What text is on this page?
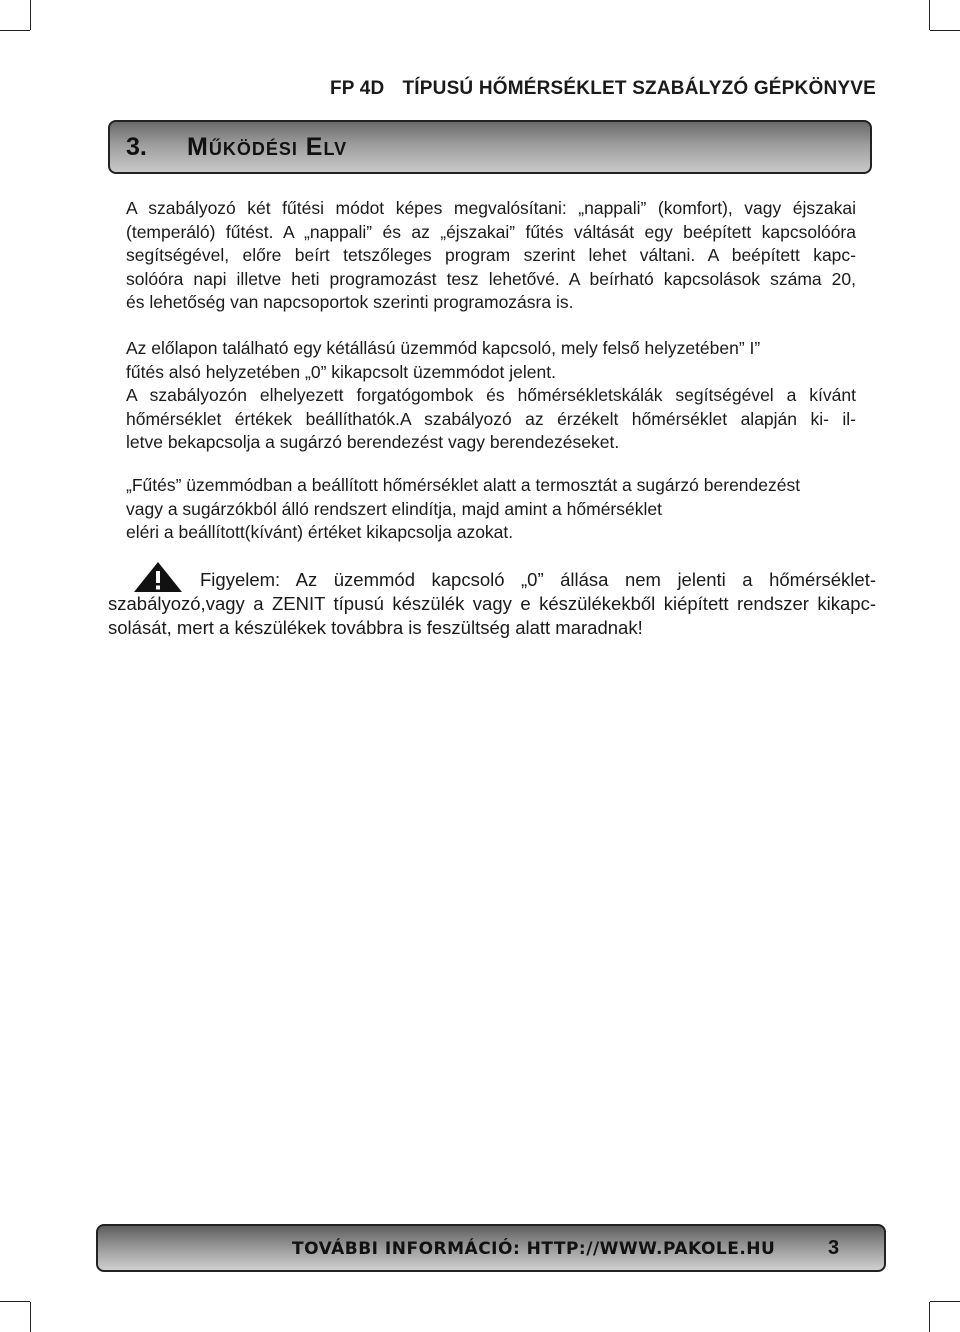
FP 4D TÍPUSÚ HŐMÉRSÉKLET SZABÁLYZÓ GÉPKÖNYVE
3. Működési Elv
A szabályozó két fűtési módot képes megvalósítani: „nappali” (komfort), vagy éjszakai
(temperáló) fűtést. A „nappali” és az „éjszakai” fűtés váltását egy beépített kapcsolóóra
segítségével, előre beírt tetszőleges program szerint lehet váltani. A beépített kapc-
solóóra napi illetve heti programozást tesz lehetővé. A beírható kapcsolások száma 20,
és lehetőség van napcsoportok szerinti programozásra is.
Az előlapon található egy kétállású üzemmód kapcsoló, mely felső helyzetében” I”
fűtés alsó helyzetében „0” kikapcsolt üzemmódot jelent.
A szabályozón elhelyezett forgatógombok és hőmérsékletskálák segítségével a kívánt
hőmérséklet értékek beállíthatók.A szabályozó az érzékelt hőmérséklet alapján ki- il-
letve bekapcsolja a sugárzó berendezést vagy berendezéseket.
„Fűtés” üzemmódban a beállított hőmérséklet alatt a termosztát a sugárzó berendezést
vagy a sugárzókból álló rendszert elindítja, majd amint a hőmérséklet
eléri a beállított(kívánt) értéket kikapcsolja azokat.
Figyelem: Az üzemmód kapcsoló „0” állása nem jelenti a hőmérséklet-
szabályozó,vagy a ZENIT típusú készülék vagy e készülékekből kiépített rendszer kikapc-
solását, mert a készülékek továbbra is feszültség alatt maradnak!
TOVÁBBI INFORMÁCIÓ: HTTP://WWW.PAKOLE.HU	3
